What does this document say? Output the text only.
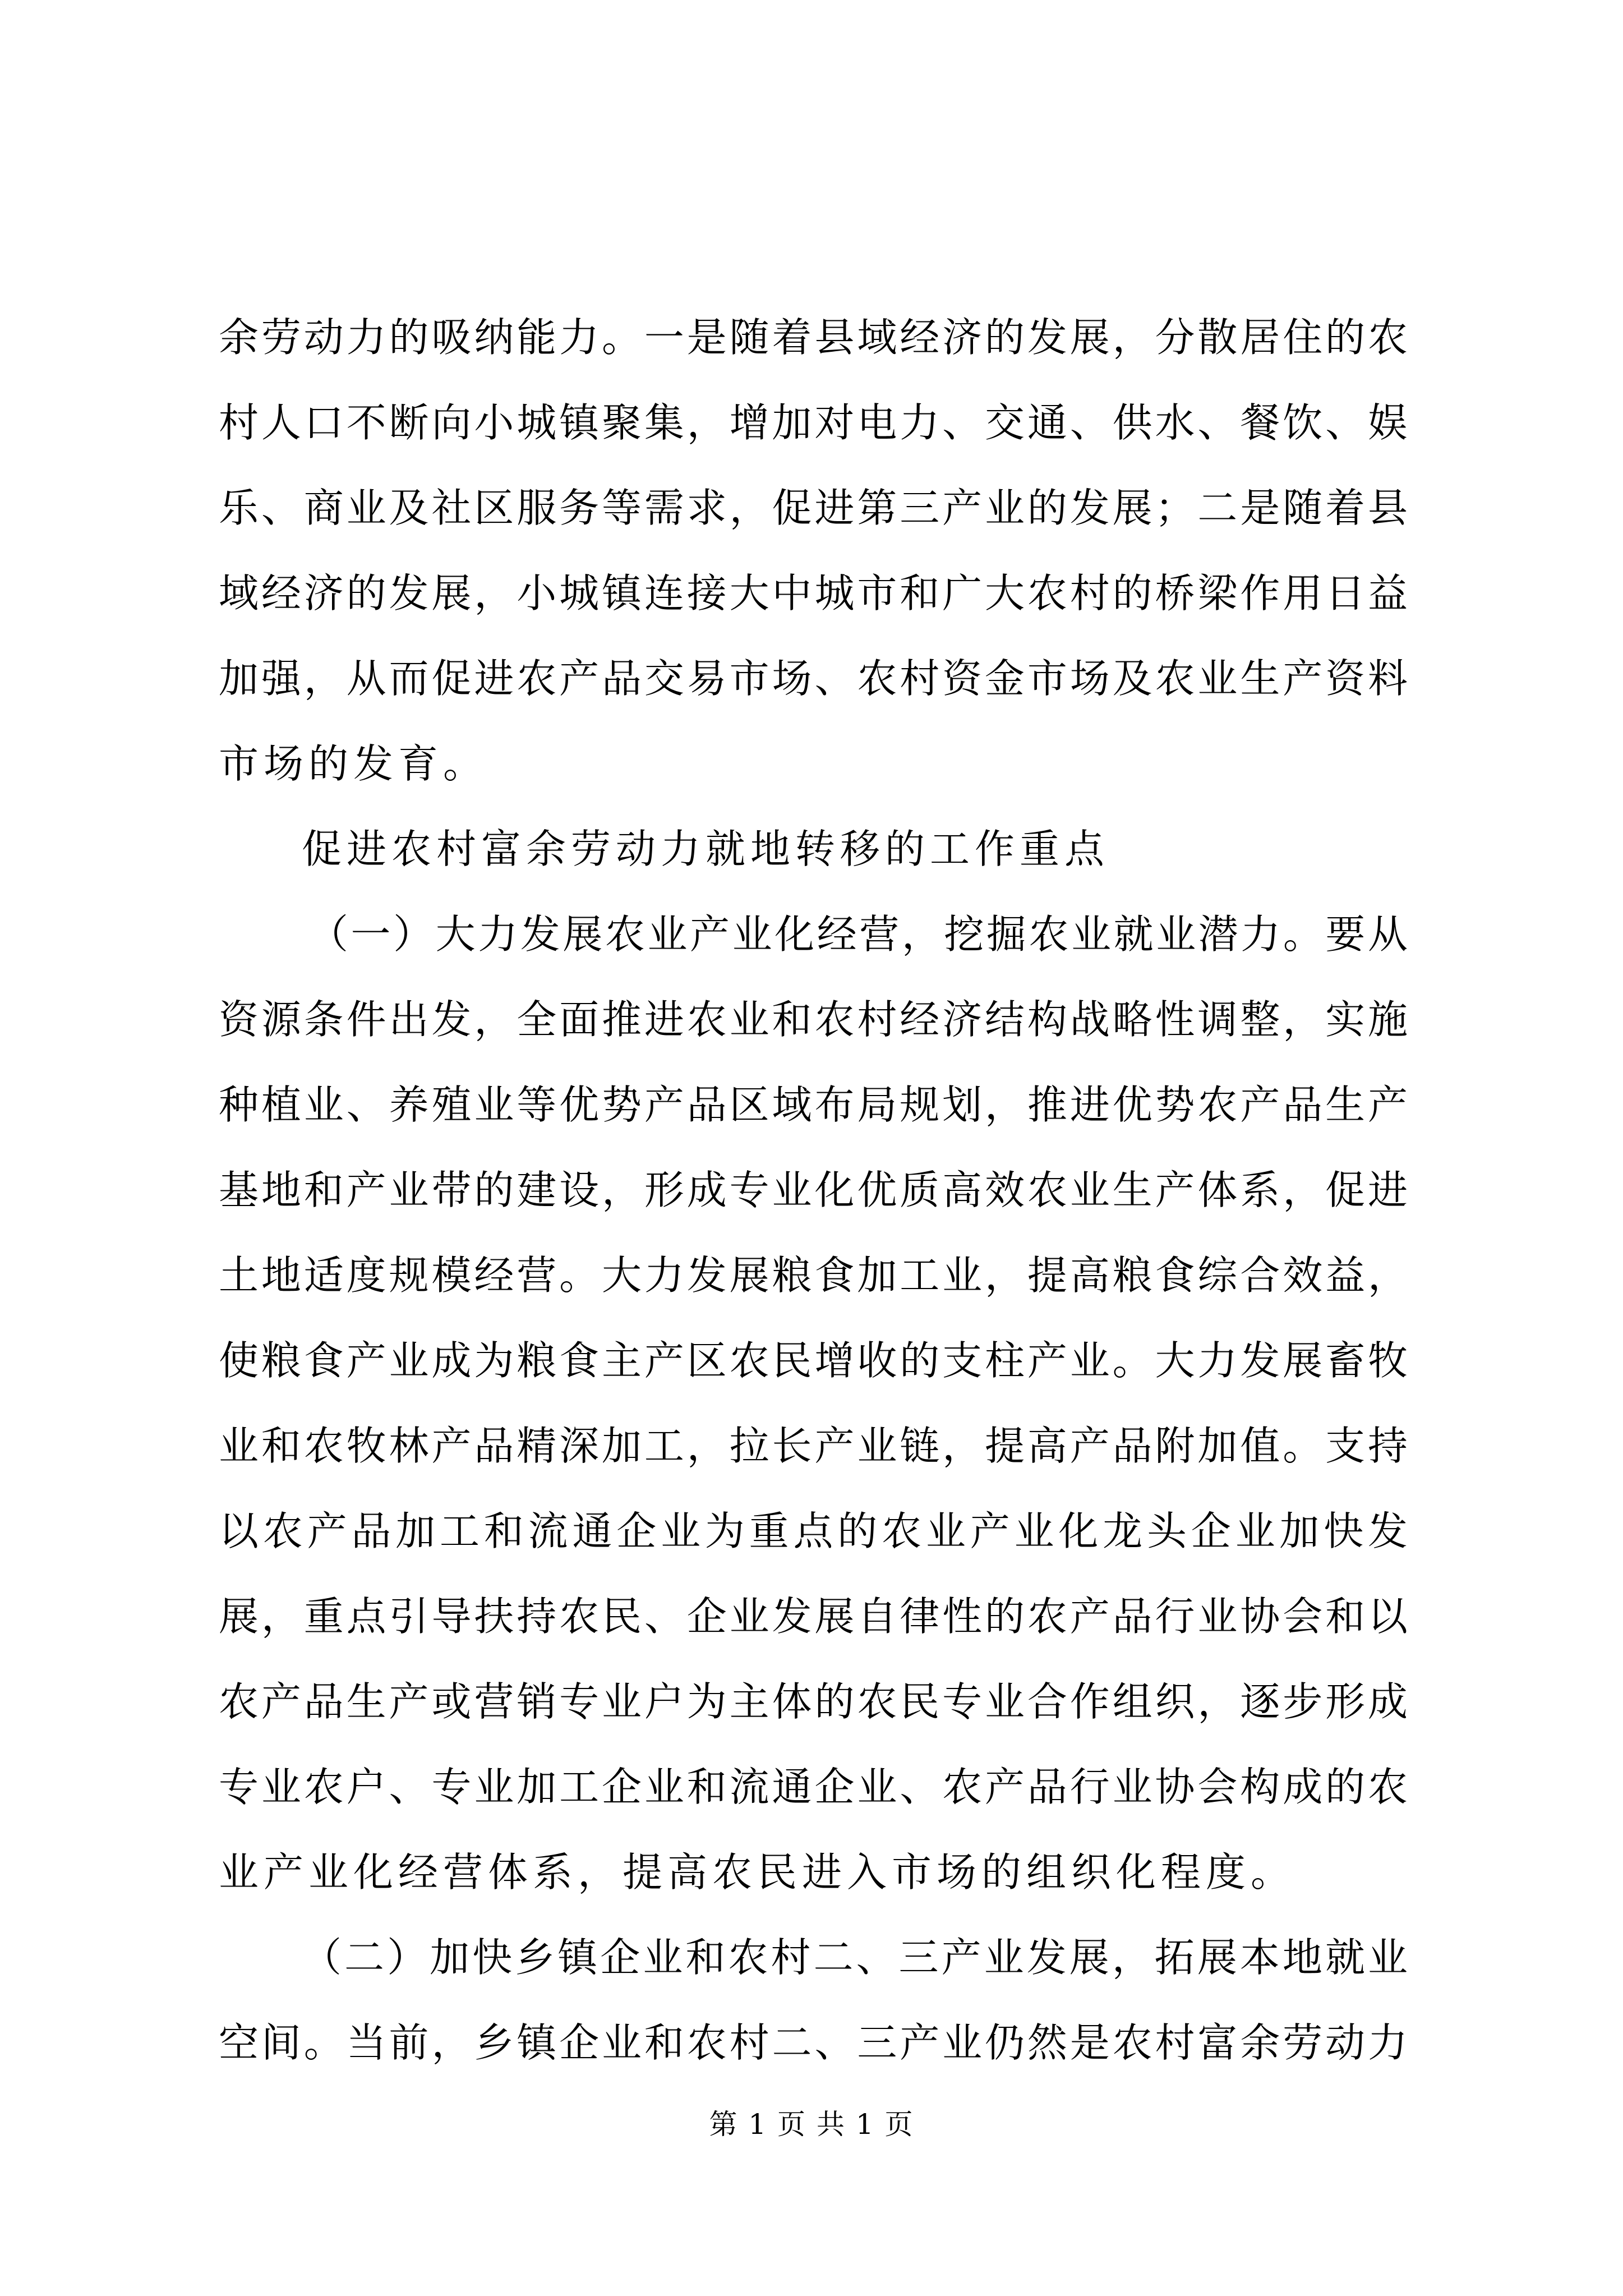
余劳动力的吸纳能力。一是随着县域经济的发展，分散居住的农
村人口不断向小城镇聚集，增加对电力、交通、供水、餐饮、娱
乐、商业及社区服务等需求，促进第三产业的发展；二是随着县
域经济的发展，小城镇连接大中城市和广大农村的桥梁作用日益
加强，从而促进农产品交易市场、农村资金市场及农业生产资料
市场的发育。
促进农村富余劳动力就地转移的工作重点
（一）大力发展农业产业化经营，挖掘农业就业潜力。要从
资源条件出发，全面推进农业和农村经济结构战略性调整，实施
种植业、养殖业等优势产品区域布局规划，推进优势农产品生产
基地和产业带的建设，形成专业化优质高效农业生产体系，促进
土地适度规模经营。大力发展粮食加工业，提高粮食综合效益，
使粮食产业成为粮食主产区农民增收的支柱产业。大力发展畜牧
业和农牧林产品精深加工，拉长产业链，提高产品附加值。支持
以农产品加工和流通企业为重点的农业产业化龙头企业加快发
展，重点引导扶持农民、企业发展自律性的农产品行业协会和以
农产品生产或营销专业户为主体的农民专业合作组织，逐步形成
专业农户、专业加工企业和流通企业、农产品行业协会构成的农
业产业化经营体系，提高农民进入市场的组织化程度。
（二）加快乡镇企业和农村二、三产业发展，拓展本地就业
空间。当前，乡镇企业和农村二、三产业仍然是农村富余劳动力
第 1 页 共 1 页
